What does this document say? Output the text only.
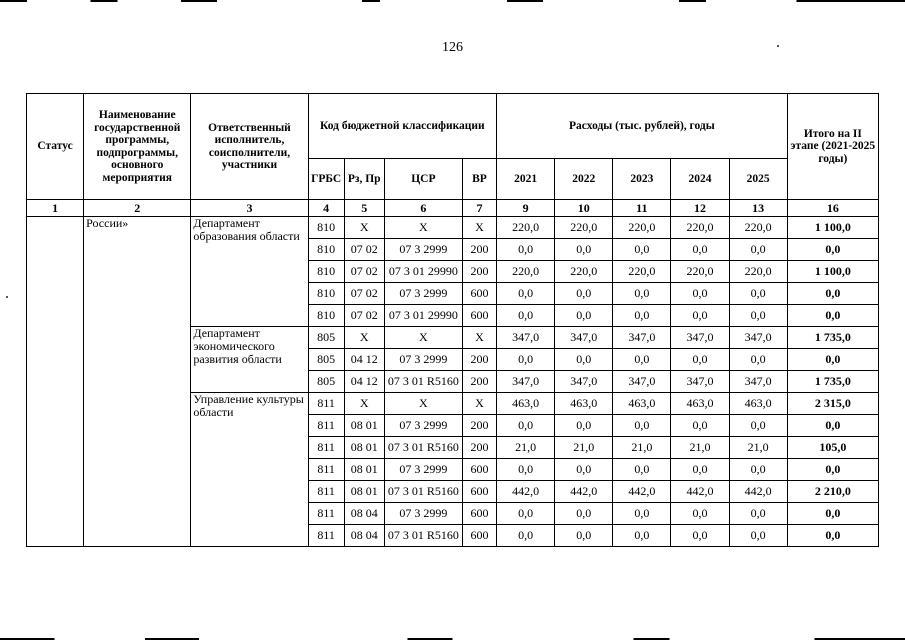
126
Статус	Наименование государственной программы, подпрограммы, основного мероприятия	Ответственный исполнитель, соисполнители, участники	Код бюджетной классификации				Расходы (тыс. рублей), годы					Итого на II этапе (2021-2025 годы)
			ГРБС	Рз, Пр	ЦСР	ВР	2021	2022	2023	2024	2025	
1	2	3	4	5	6	7	9	10	11	12	13	16
	России»	Департамент образования области	810	X	X	X	220,0	220,0	220,0	220,0	220,0	1 100,0
			810	07 02	07 3 2999	200	0,0	0,0	0,0	0,0	0,0	0,0
			810	07 02	07 3 01 29990	200	220,0	220,0	220,0	220,0	220,0	1 100,0
			810	07 02	07 3 2999	600	0,0	0,0	0,0	0,0	0,0	0,0
			810	07 02	07 3 01 29990	600	0,0	0,0	0,0	0,0	0,0	0,0
		Департамент экономического развития области	805	X	X	X	347,0	347,0	347,0	347,0	347,0	1 735,0
			805	04 12	07 3 2999	200	0,0	0,0	0,0	0,0	0,0	0,0
			805	04 12	07 3 01 R5160	200	347,0	347,0	347,0	347,0	347,0	1 735,0
		Управление культуры области	811	X	X	X	463,0	463,0	463,0	463,0	463,0	2 315,0
			811	08 01	07 3 2999	200	0,0	0,0	0,0	0,0	0,0	0,0
			811	08 01	07 3 01 R5160	200	21,0	21,0	21,0	21,0	21,0	105,0
			811	08 01	07 3 2999	600	0,0	0,0	0,0	0,0	0,0	0,0
			811	08 01	07 3 01 R5160	600	442,0	442,0	442,0	442,0	442,0	2 210,0
			811	08 04	07 3 2999	600	0,0	0,0	0,0	0,0	0,0	0,0
			811	08 04	07 3 01 R5160	600	0,0	0,0	0,0	0,0	0,0	0,0
